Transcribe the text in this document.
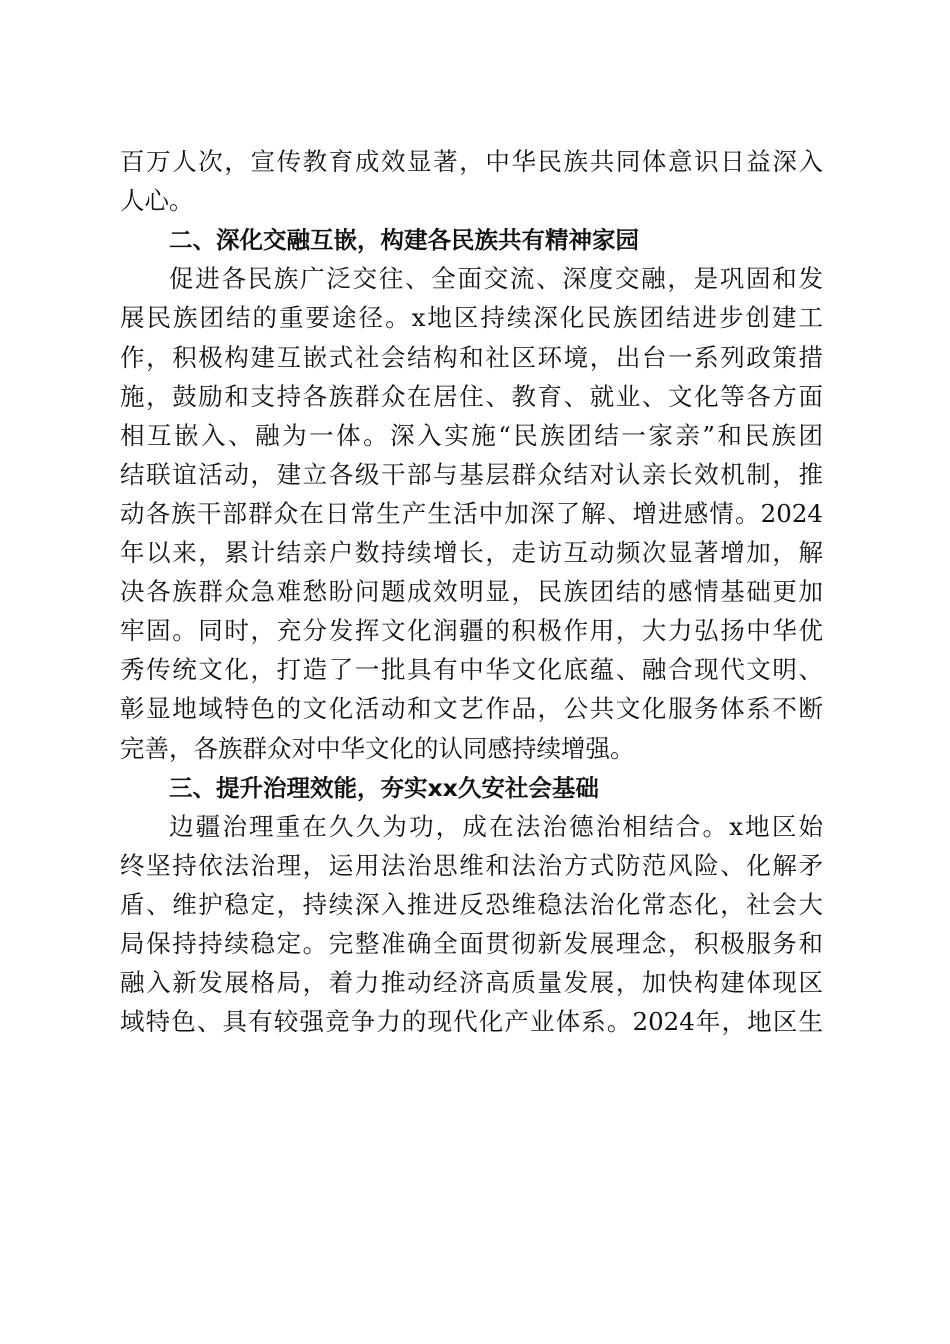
百万人次，宣传教育成效显著，中华民族共同体意识日益深入
人心。
二、深化交融互嵌，构建各民族共有精神家园
促进各民族广泛交往、全面交流、深度交融，是巩固和发
展民族团结的重要途径。x地区持续深化民族团结进步创建工
作，积极构建互嵌式社会结构和社区环境，出台一系列政策措
施，鼓励和支持各族群众在居住、教育、就业、文化等各方面
相互嵌入、融为一体。深入实施“民族团结一家亲”和民族团
结联谊活动，建立各级干部与基层群众结对认亲长效机制，推
动各族干部群众在日常生产生活中加深了解、增进感情。2024
年以来，累计结亲户数持续增长，走访互动频次显著增加，解
决各族群众急难愁盼问题成效明显，民族团结的感情基础更加
牢固。同时，充分发挥文化润疆的积极作用，大力弘扬中华优
秀传统文化，打造了一批具有中华文化底蕴、融合现代文明、
彰显地域特色的文化活动和文艺作品，公共文化服务体系不断
完善，各族群众对中华文化的认同感持续增强。
三、提升治理效能，夯实xx久安社会基础
边疆治理重在久久为功，成在法治德治相结合。x地区始
终坚持依法治理，运用法治思维和法治方式防范风险、化解矛
盾、维护稳定，持续深入推进反恐维稳法治化常态化，社会大
局保持持续稳定。完整准确全面贯彻新发展理念，积极服务和
融入新发展格局，着力推动经济高质量发展，加快构建体现区
域特色、具有较强竞争力的现代化产业体系。2024年，地区生
